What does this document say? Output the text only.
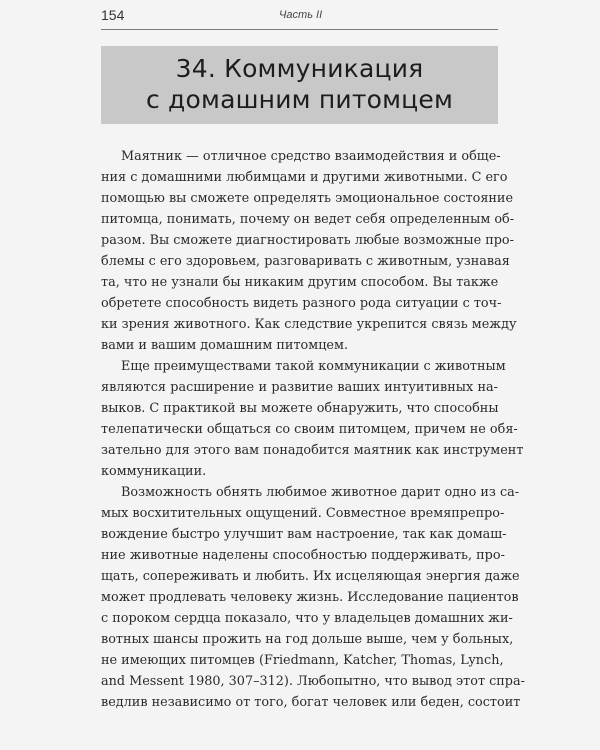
154	Часть II
34. Коммуникация
с домашним питомцем
Маятник — отличное средство взаимодействия и обще-
ния с домашними любимцами и другими животными. С его
помощью вы сможете определять эмоциональное состояние
питомца, понимать, почему он ведет себя определенным об-
разом. Вы сможете диагностировать любые возможные про-
блемы с его здоровьем, разговаривать с животным, узнавая
та, что не узнали бы никаким другим способом. Вы также
обретете способность видеть разного рода ситуации с точ-
ки зрения животного. Как следствие укрепится связь между
вами и вашим домашним питомцем.
Еще преимуществами такой коммуникации с животным
являются расширение и развитие ваших интуитивных на-
выков. С практикой вы можете обнаружить, что способны
телепатически общаться со своим питомцем, причем не обя-
зательно для этого вам понадобится маятник как инструмент
коммуникации.
Возможность обнять любимое животное дарит одно из са-
мых восхитительных ощущений. Совместное времяпрепро-
вождение быстро улучшит вам настроение, так как домаш-
ние животные наделены способностью поддерживать, про-
щать, сопереживать и любить. Их исцеляющая энергия даже
может продлевать человеку жизнь. Исследование пациентов
с пороком сердца показало, что у владельцев домашних жи-
вотных шансы прожить на год дольше выше, чем у больных,
не имеющих питомцев (Friedmann, Katcher, Thomas, Lynch,
and Messent 1980, 307–312). Любопытно, что вывод этот спра-
ведлив независимо от того, богат человек или беден, состоит
